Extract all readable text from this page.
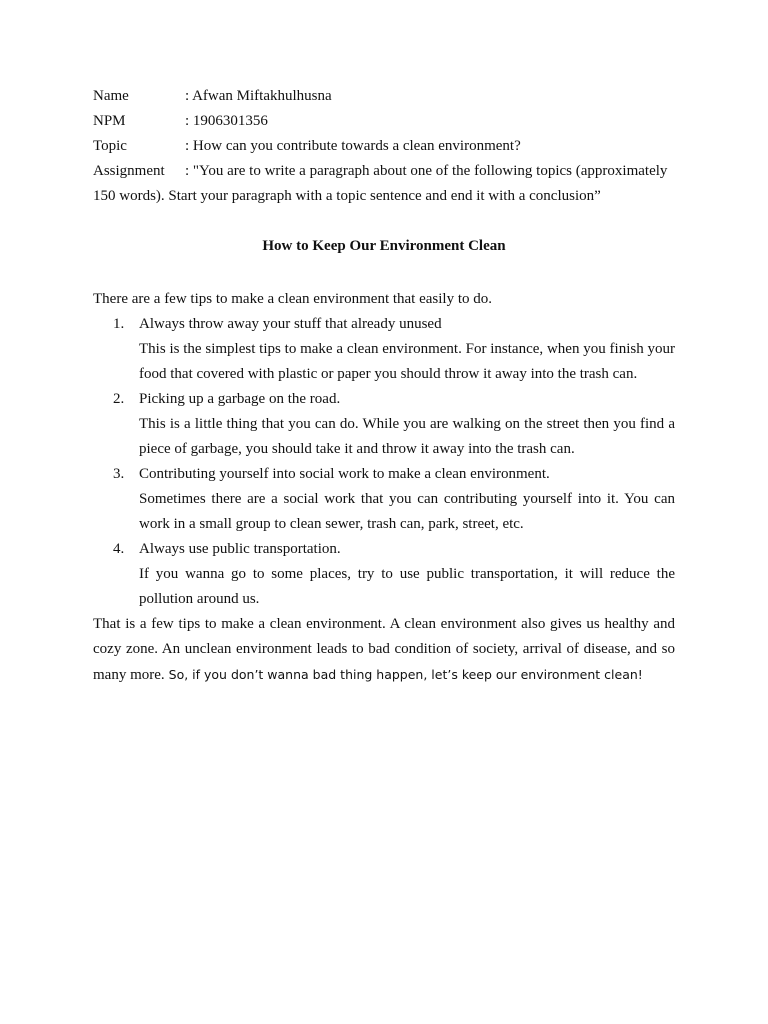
Name	: Afwan Miftakhulhusna
NPM	: 1906301356
Topic	: How can you contribute towards a clean environment?
Assignment : "You are to write a paragraph about one of the following topics (approximately
150 words). Start your paragraph with a topic sentence and end it with a conclusion”
How to Keep Our Environment Clean

There are a few tips to make a clean environment that easily to do.

1. Always throw away your stuff that already unused
This is the simplest tips to make a clean environment. For instance, when you finish your food that covered with plastic or paper you should throw it away into the trash can.
2. Picking up a garbage on the road.
This is a little thing that you can do. While you are walking on the street then you find a piece of garbage, you should take it and throw it away into the trash can.
3. Contributing yourself into social work to make a clean environment.
Sometimes there are a social work that you can contributing yourself into it. You can work in a small group to clean sewer, trash can, park, street, etc.
4. Always use public transportation.
If you wanna go to some places, try to use public transportation, it will reduce the pollution around us.

That is a few tips to make a clean environment. A clean environment also gives us healthy and cozy zone. An unclean environment leads to bad condition of society, arrival of disease, and so many more. So, if you don’t wanna bad thing happen, let’s keep our environment clean!
